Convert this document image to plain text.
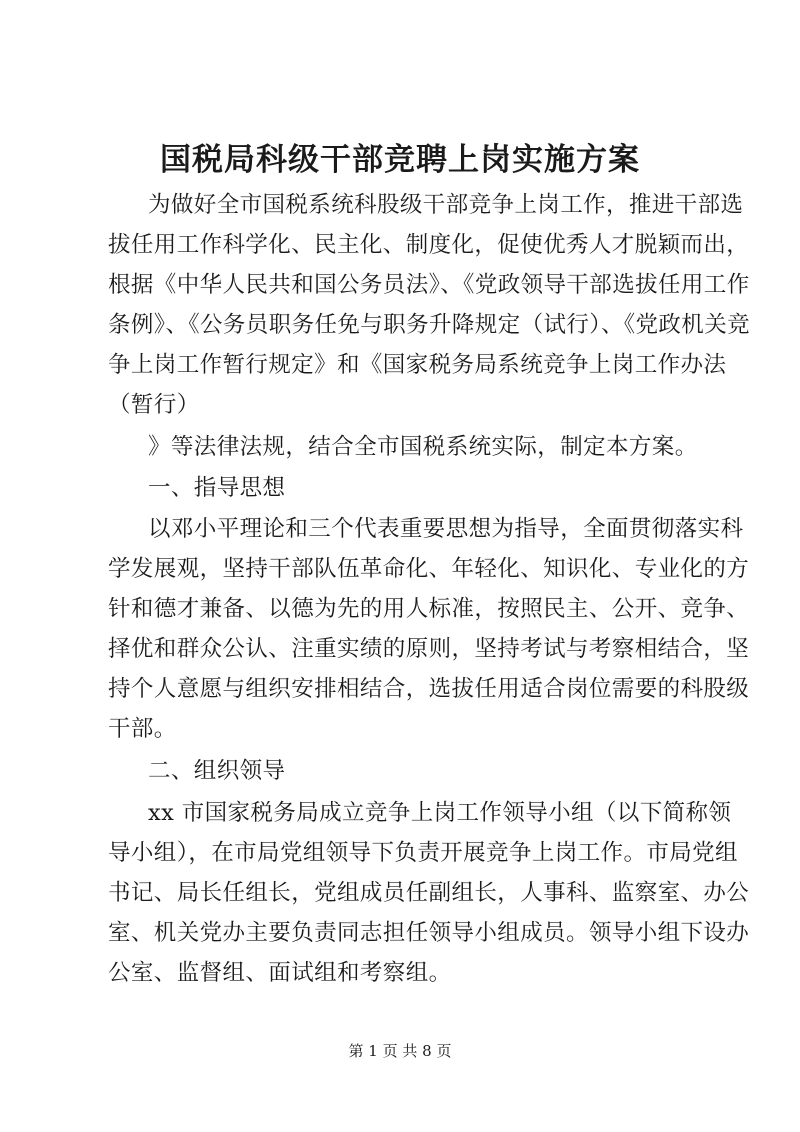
国税局科级干部竞聘上岗实施方案
为做好全市国税系统科股级干部竞争上岗工作，推进干部选
拔任用工作科学化、民主化、制度化，促使优秀人才脱颖而出，
根据《中华人民共和国公务员法》、《党政领导干部选拔任用工作
条例》、《公务员职务任免与职务升降规定（试行）、《党政机关竞
争上岗工作暂行规定》和《国家税务局系统竞争上岗工作办法
（暂行）
》等法律法规，结合全市国税系统实际，制定本方案。
一、指导思想
以邓小平理论和三个代表重要思想为指导，全面贯彻落实科
学发展观，坚持干部队伍革命化、年轻化、知识化、专业化的方
针和德才兼备、以德为先的用人标准，按照民主、公开、竞争、
择优和群众公认、注重实绩的原则，坚持考试与考察相结合，坚
持个人意愿与组织安排相结合，选拔任用适合岗位需要的科股级
干部。
二、组织领导
xx 市国家税务局成立竞争上岗工作领导小组（以下简称领
导小组），在市局党组领导下负责开展竞争上岗工作。市局党组
书记、局长任组长，党组成员任副组长，人事科、监察室、办公
室、机关党办主要负责同志担任领导小组成员。领导小组下设办
公室、监督组、面试组和考察组。
第 1 页 共 8 页
